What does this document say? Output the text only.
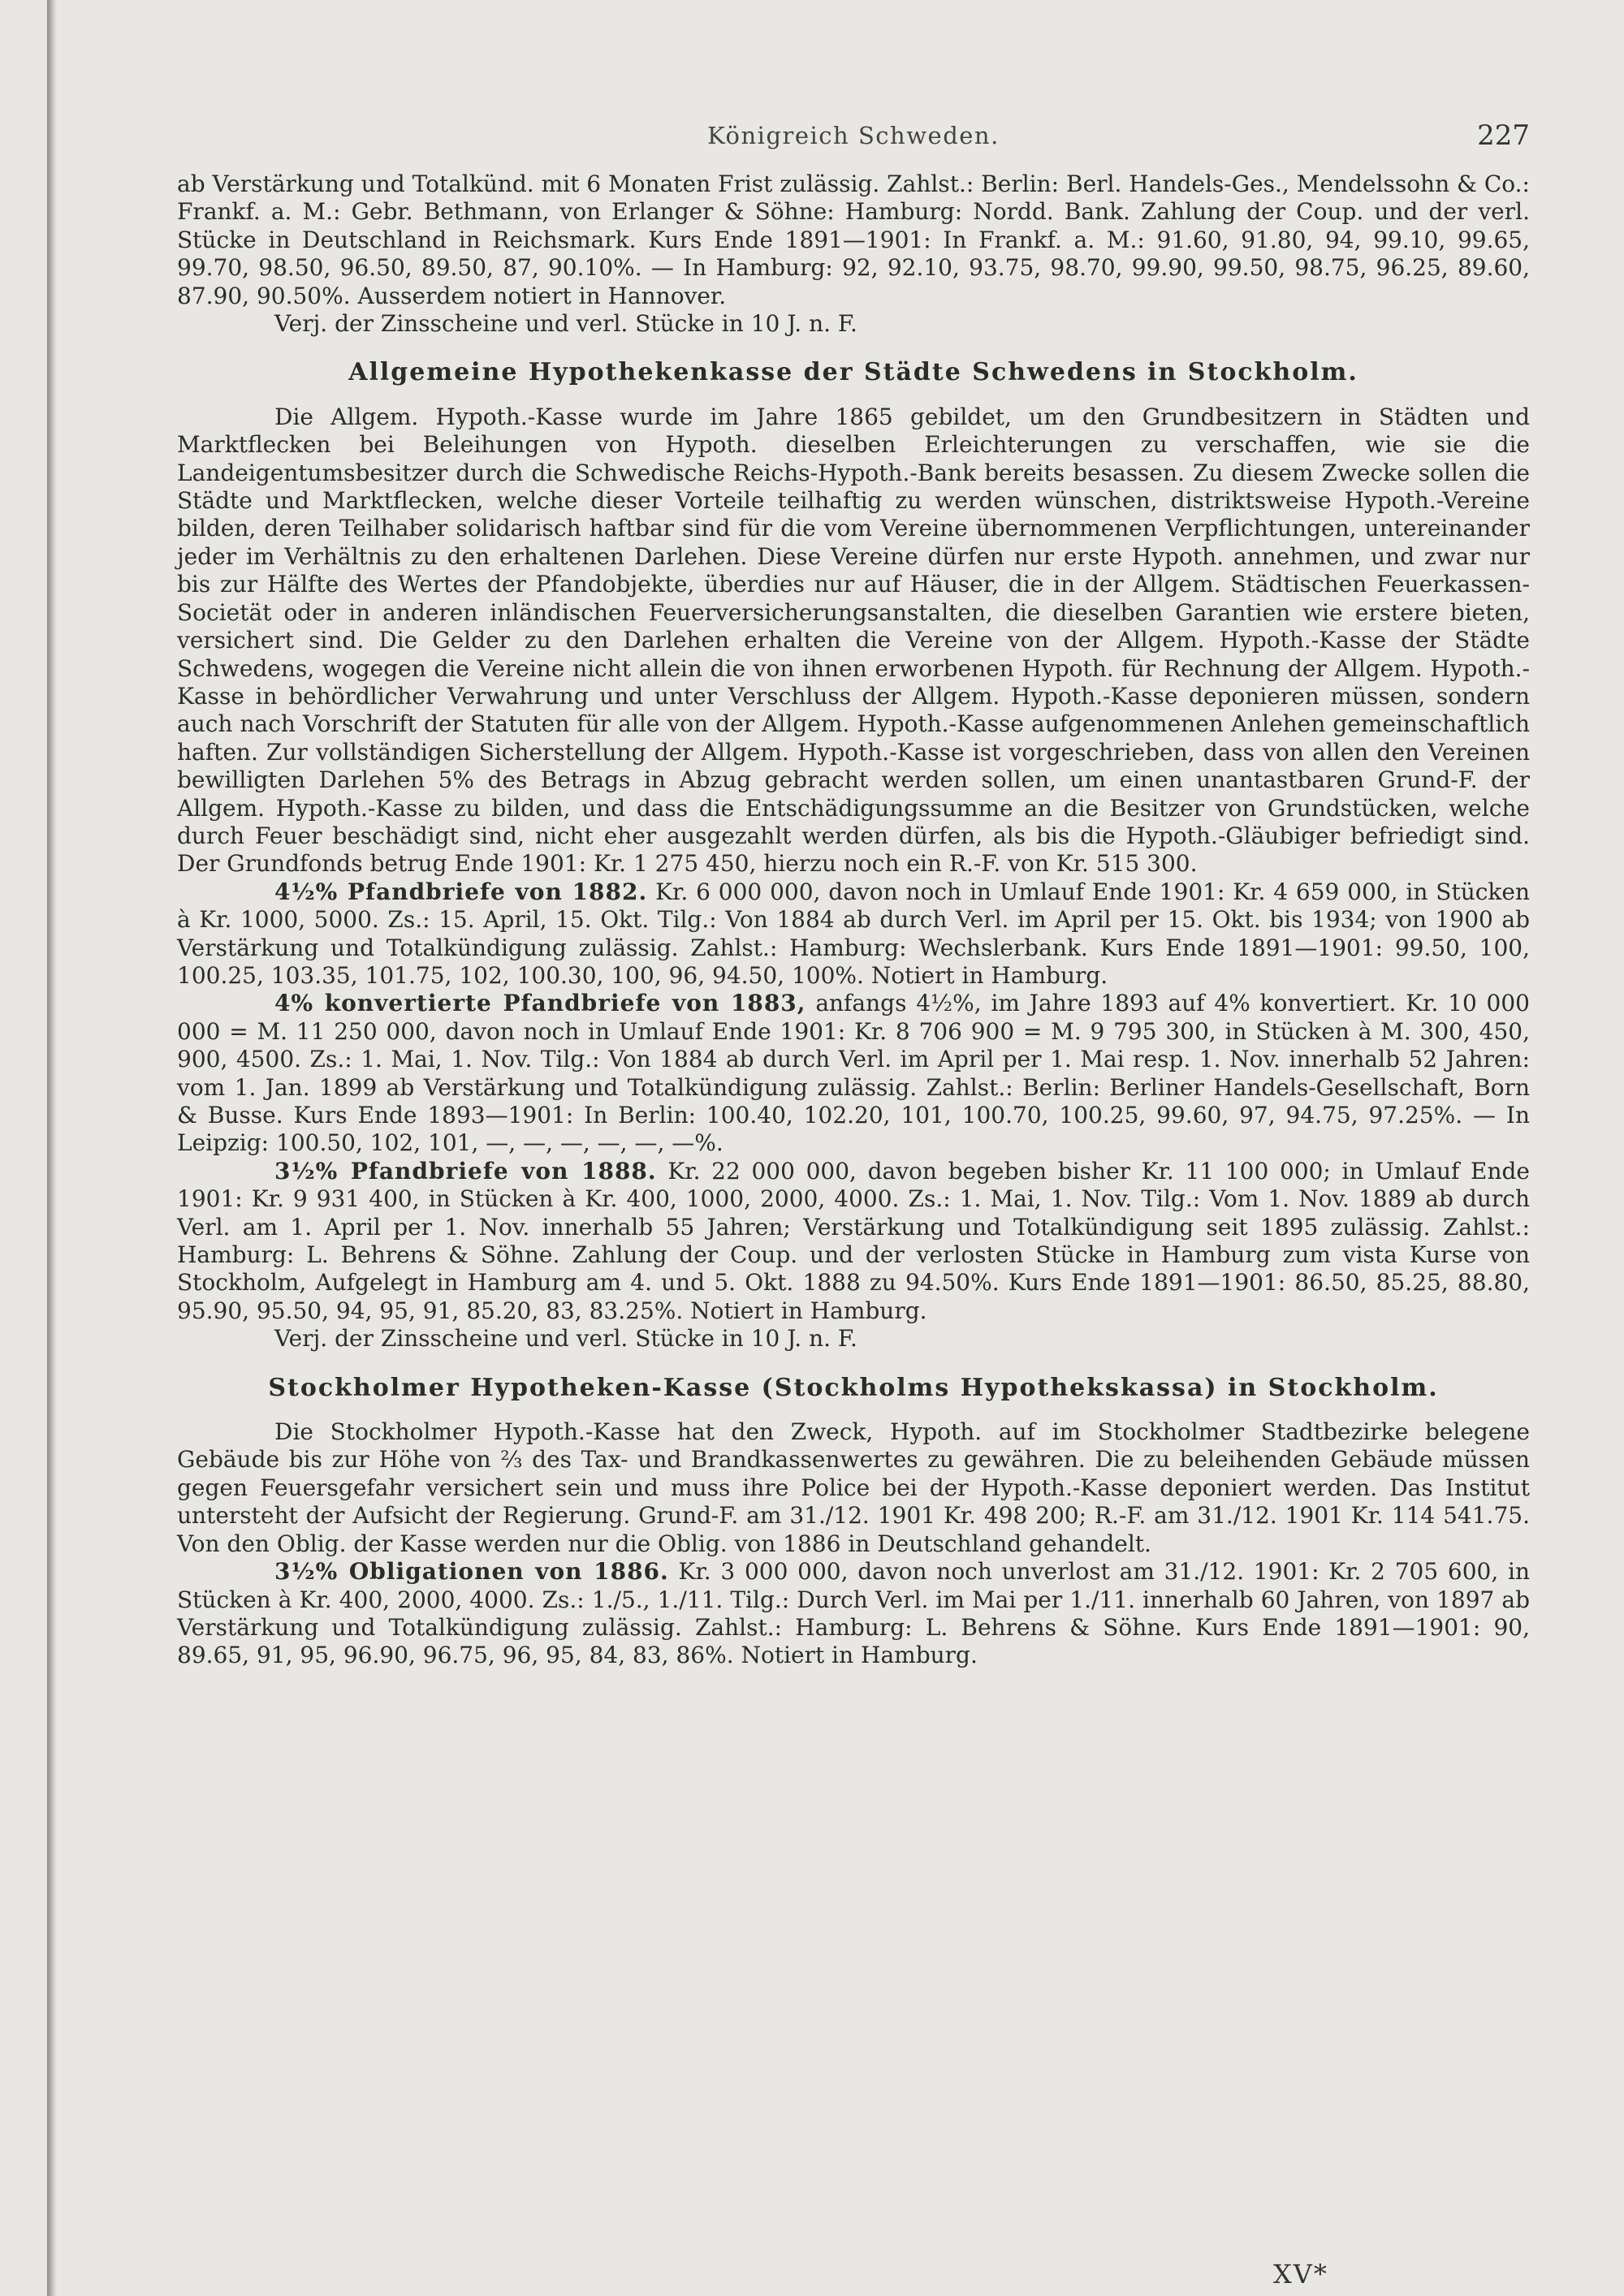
Königreich Schweden.	227

ab Verstärkung und Totalkünd. mit 6 Monaten Frist zulässig. Zahlst.: Berlin: Berl. Handels-Ges., Mendelssohn & Co.: Frankf. a. M.: Gebr. Bethmann, von Erlanger & Söhne: Hamburg: Nordd. Bank. Zahlung der Coup. und der verl. Stücke in Deutschland in Reichsmark. Kurs Ende 1891—1901: In Frankf. a. M.: 91.60, 91.80, 94, 99.10, 99.65, 99.70, 98.50, 96.50, 89.50, 87, 90.10%. — In Hamburg: 92, 92.10, 93.75, 98.70, 99.90, 99.50, 98.75, 96.25, 89.60, 87.90, 90.50%. Ausserdem notiert in Hannover.

Verj. der Zinsscheine und verl. Stücke in 10 J. n. F.

Allgemeine Hypothekenkasse der Städte Schwedens in Stockholm.

Die Allgem. Hypoth.-Kasse wurde im Jahre 1865 gebildet, um den Grundbesitzern in Städten und Marktflecken bei Beleihungen von Hypoth. dieselben Erleichterungen zu verschaffen, wie sie die Landeigentumsbesitzer durch die Schwedische Reichs-Hypoth.-Bank bereits besassen. Zu diesem Zwecke sollen die Städte und Marktflecken, welche dieser Vorteile teilhaftig zu werden wünschen, distriktsweise Hypoth.-Vereine bilden, deren Teilhaber solidarisch haftbar sind für die vom Vereine übernommenen Verpflichtungen, untereinander jeder im Verhältnis zu den erhaltenen Darlehen. Diese Vereine dürfen nur erste Hypoth. annehmen, und zwar nur bis zur Hälfte des Wertes der Pfandobjekte, überdies nur auf Häuser, die in der Allgem. Städtischen Feuerkassen-Societät oder in anderen inländischen Feuerversicherungsanstalten, die dieselben Garantien wie erstere bieten, versichert sind. Die Gelder zu den Darlehen erhalten die Vereine von der Allgem. Hypoth.-Kasse der Städte Schwedens, wogegen die Vereine nicht allein die von ihnen erworbenen Hypoth. für Rechnung der Allgem. Hypoth.-Kasse in behördlicher Verwahrung und unter Verschluss der Allgem. Hypoth.-Kasse deponieren müssen, sondern auch nach Vorschrift der Statuten für alle von der Allgem. Hypoth.-Kasse aufgenommenen Anlehen gemeinschaftlich haften. Zur vollständigen Sicherstellung der Allgem. Hypoth.-Kasse ist vorgeschrieben, dass von allen den Vereinen bewilligten Darlehen 5% des Betrags in Abzug gebracht werden sollen, um einen unantastbaren Grund-F. der Allgem. Hypoth.-Kasse zu bilden, und dass die Entschädigungssumme an die Besitzer von Grundstücken, welche durch Feuer beschädigt sind, nicht eher ausgezahlt werden dürfen, als bis die Hypoth.-Gläubiger befriedigt sind. Der Grundfonds betrug Ende 1901: Kr. 1 275 450, hierzu noch ein R.-F. von Kr. 515 300.

4½% Pfandbriefe von 1882. Kr. 6 000 000, davon noch in Umlauf Ende 1901: Kr. 4 659 000, in Stücken à Kr. 1000, 5000. Zs.: 15. April, 15. Okt. Tilg.: Von 1884 ab durch Verl. im April per 15. Okt. bis 1934; von 1900 ab Verstärkung und Totalkündigung zulässig. Zahlst.: Hamburg: Wechslerbank. Kurs Ende 1891—1901: 99.50, 100, 100.25, 103.35, 101.75, 102, 100.30, 100, 96, 94.50, 100%. Notiert in Hamburg.

4% konvertierte Pfandbriefe von 1883, anfangs 4½%, im Jahre 1893 auf 4% konvertiert. Kr. 10 000 000 = M. 11 250 000, davon noch in Umlauf Ende 1901: Kr. 8 706 900 = M. 9 795 300, in Stücken à M. 300, 450, 900, 4500. Zs.: 1. Mai, 1. Nov. Tilg.: Von 1884 ab durch Verl. im April per 1. Mai resp. 1. Nov. innerhalb 52 Jahren: vom 1. Jan. 1899 ab Verstärkung und Totalkündigung zulässig. Zahlst.: Berlin: Berliner Handels-Gesellschaft, Born & Busse. Kurs Ende 1893—1901: In Berlin: 100.40, 102.20, 101, 100.70, 100.25, 99.60, 97, 94.75, 97.25%. — In Leipzig: 100.50, 102, 101, —, —, —, —, —, —%.

3½% Pfandbriefe von 1888. Kr. 22 000 000, davon begeben bisher Kr. 11 100 000; in Umlauf Ende 1901: Kr. 9 931 400, in Stücken à Kr. 400, 1000, 2000, 4000. Zs.: 1. Mai, 1. Nov. Tilg.: Vom 1. Nov. 1889 ab durch Verl. am 1. April per 1. Nov. innerhalb 55 Jahren; Verstärkung und Totalkündigung seit 1895 zulässig. Zahlst.: Hamburg: L. Behrens & Söhne. Zahlung der Coup. und der verlosten Stücke in Hamburg zum vista Kurse von Stockholm, Aufgelegt in Hamburg am 4. und 5. Okt. 1888 zu 94.50%. Kurs Ende 1891—1901: 86.50, 85.25, 88.80, 95.90, 95.50, 94, 95, 91, 85.20, 83, 83.25%. Notiert in Hamburg.

Verj. der Zinsscheine und verl. Stücke in 10 J. n. F.

Stockholmer Hypotheken-Kasse (Stockholms Hypothekskassa) in Stockholm.

Die Stockholmer Hypoth.-Kasse hat den Zweck, Hypoth. auf im Stockholmer Stadtbezirke belegene Gebäude bis zur Höhe von ⅔ des Tax- und Brandkassenwertes zu gewähren. Die zu beleihenden Gebäude müssen gegen Feuersgefahr versichert sein und muss ihre Police bei der Hypoth.-Kasse deponiert werden. Das Institut untersteht der Aufsicht der Regierung. Grund-F. am 31./12. 1901 Kr. 498 200; R.-F. am 31./12. 1901 Kr. 114 541.75. Von den Oblig. der Kasse werden nur die Oblig. von 1886 in Deutschland gehandelt.

3½% Obligationen von 1886. Kr. 3 000 000, davon noch unverlost am 31./12. 1901: Kr. 2 705 600, in Stücken à Kr. 400, 2000, 4000. Zs.: 1./5., 1./11. Tilg.: Durch Verl. im Mai per 1./11. innerhalb 60 Jahren, von 1897 ab Verstärkung und Totalkündigung zulässig. Zahlst.: Hamburg: L. Behrens & Söhne. Kurs Ende 1891—1901: 90, 89.65, 91, 95, 96.90, 96.75, 96, 95, 84, 83, 86%. Notiert in Hamburg.

XV*
